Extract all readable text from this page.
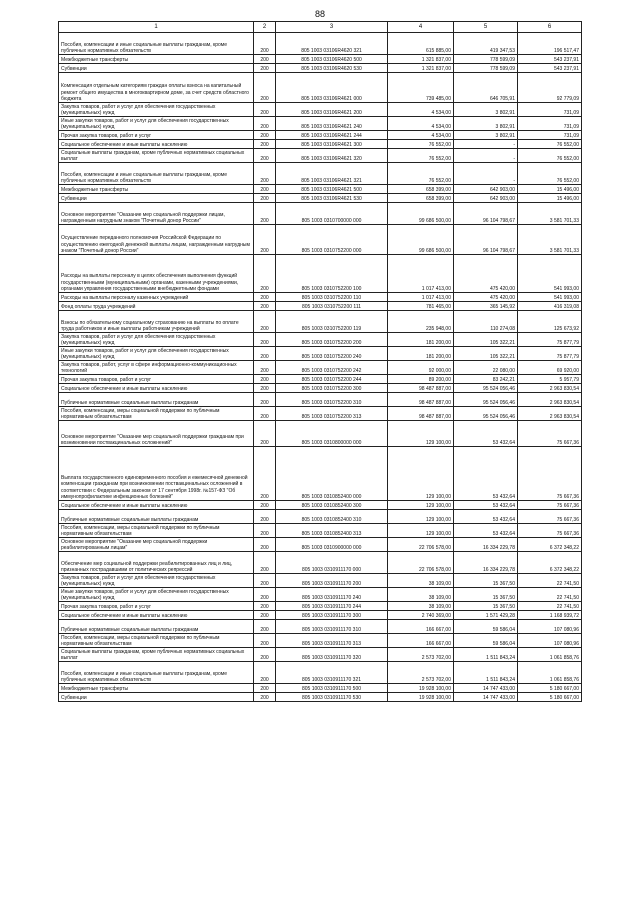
88
1	2	3	4	5	6
Пособия, компенсации и иные социальные выплаты гражданам, кроме публичных нормативных обязательств	200	805 1003 03106R4620 321	615 885,00	419 347,53	196 517,47
Межбюджетные трансферты	200	805 1003 03106R4620 500	1 321 837,00	778 599,09	543 237,91
Субвенции	200	805 1003 03106R4620 530	1 321 837,00	778 599,09	543 237,91
Компенсация отдельным категориям граждан оплаты взноса на капитальный ремонт общего имущества в многоквартирном доме, за счет средств областного бюджета	200	805 1003 03106R4621 000	739 485,00	646 705,91	92 779,09
Закупка товаров, работ и услуг для обеспечения государственных (муниципальных) нужд	200	805 1003 03106R4621 200	4 534,00	3 802,91	731,09
Иные закупки товаров, работ и услуг для обеспечения государственных (муниципальных) нужд	200	805 1003 03106R4621 240	4 534,00	3 802,91	731,09
Прочая закупка товаров, работ и услуг	200	805 1003 03106R4621 244	4 534,00	3 802,91	731,09
Социальное обеспечение и иные выплаты населению	200	805 1003 03106R4621 300	76 552,00	-	76 552,00
Социальные выплаты гражданам, кроме публичных нормативных социальных выплат	200	805 1003 03106R4621 320	76 552,00	-	76 552,00
Пособия, компенсации и иные социальные выплаты гражданам, кроме публичных нормативных обязательств	200	805 1003 03106R4621 321	76 552,00	-	76 552,00
Межбюджетные трансферты	200	805 1003 03106R4621 500	658 399,00	642 903,00	15 496,00
Субвенции	200	805 1003 03106R4621 530	658 399,00	642 903,00	15 496,00
Основное мероприятие "Оказание мер социальной поддержки лицам, награжденным нагрудным знаком "Почетный донор России"	200	805 1003 0310700000 000	99 686 500,00	96 104 798,67	3 581 701,33
Осуществление переданного полномочия Российской Федерации по осуществлению ежегодной денежной выплаты лицам, награжденным нагрудным знаком "Почетный донор России"	200	805 1003 0310752200 000	99 686 500,00	96 104 798,67	3 581 701,33
Расходы на выплаты персоналу в целях обеспечения выполнения функций государственными (муниципальными) органами, казенными учреждениями, органами управления государственными внебюджетными фондами	200	805 1003 0310752200 100	1 017 413,00	475 420,00	541 993,00
Расходы на выплаты персоналу казенных учреждений	200	805 1003 0310752200 110	1 017 413,00	475 420,00	541 993,00
Фонд оплаты труда учреждений	200	805 1003 0310752200 111	781 465,00	365 145,92	416 319,08
Взносы по обязательному социальному страхованию на выплаты по оплате труда работников и иные выплаты работникам учреждений	200	805 1003 0310752200 119	235 948,00	110 274,08	125 673,92
Закупка товаров, работ и услуг для обеспечения государственных (муниципальных) нужд	200	805 1003 0310752200 200	181 200,00	105 322,21	75 877,79
Иные закупки товаров, работ и услуг для обеспечения государственных (муниципальных) нужд	200	805 1003 0310752200 240	181 200,00	105 322,21	75 877,79
Закупка товаров, работ, услуг в сфере информационно-коммуникационных технологий	200	805 1003 0310752200 242	92 000,00	22 080,00	69 920,00
Прочая закупка товаров, работ и услуг	200	805 1003 0310752200 244	89 200,00	83 242,21	5 957,79
Социальное обеспечение и иные выплаты населению	200	805 1003 0310752200 300	98 487 887,00	95 524 056,46	2 963 830,54
Публичные нормативные социальные выплаты гражданам	200	805 1003 0310752200 310	98 487 887,00	95 524 056,46	2 963 830,54
Пособия, компенсации, меры социальной поддержки по публичным нормативным обязательствам	200	805 1003 0310752200 313	98 487 887,00	95 524 056,46	2 963 830,54
Основное мероприятие "Оказание мер социальной поддержки гражданам при возникновении поствакцинальных осложнений"	200	805 1003 0310800000 000	129 100,00	53 432,64	75 667,36
Выплата государственного единовременного пособия и ежемесячной денежной компенсации гражданам при возникновении поствакцинальных осложнений в соответствии с Федеральным законом от 17 сентября 1998г. №157-ФЗ "Об иммунопрофилактике инфекционных болезней"	200	805 1003 0310852400 000	129 100,00	53 432,64	75 667,36
Социальное обеспечение и иные выплаты населению	200	805 1003 0310852400 300	129 100,00	53 432,64	75 667,36
Публичные нормативные социальные выплаты гражданам	200	805 1003 0310852400 310	129 100,00	53 432,64	75 667,36
Пособия, компенсации, меры социальной поддержки по публичным нормативным обязательствам	200	805 1003 0310852400 313	129 100,00	53 432,64	75 667,36
Основное мероприятие "Оказание мер социальной поддержки реабилитированным лицам"	200	805 1003 0310900000 000	22 706 578,00	16 334 229,78	6 372 348,22
Обеспечение мер социальной поддержки реабилитированных лиц и лиц, признанных пострадавшими от политических репрессий	200	805 1003 0310911170 000	22 706 578,00	16 334 229,78	6 372 348,22
Закупка товаров, работ и услуг для обеспечения государственных (муниципальных) нужд	200	805 1003 0310911170 200	38 109,00	15 367,50	22 741,50
Иные закупки товаров, работ и услуг для обеспечения государственных (муниципальных) нужд	200	805 1003 0310911170 240	38 109,00	15 367,50	22 741,50
Прочая закупка товаров, работ и услуг	200	805 1003 0310911170 244	38 109,00	15 367,50	22 741,50
Социальное обеспечение и иные выплаты населению	200	805 1003 0310911170 300	2 740 369,00	1 571 429,28	1 168 939,72
Публичные нормативные социальные выплаты гражданам	200	805 1003 0310911170 310	166 667,00	59 586,04	107 080,96
Пособия, компенсации, меры социальной поддержки по публичным нормативным обязательствам	200	805 1003 0310911170 313	166 667,00	59 586,04	107 080,96
Социальные выплаты гражданам, кроме публичных нормативных социальных выплат	200	805 1003 0310911170 320	2 573 702,00	1 511 843,24	1 061 858,76
Пособия, компенсации и иные социальные выплаты гражданам, кроме публичных нормативных обязательств	200	805 1003 0310911170 321	2 573 702,00	1 511 843,24	1 061 858,76
Межбюджетные трансферты	200	805 1003 0310911170 500	19 928 100,00	14 747 433,00	5 180 667,00
Субвенции	200	805 1003 0310911170 530	19 928 100,00	14 747 433,00	5 180 667,00
